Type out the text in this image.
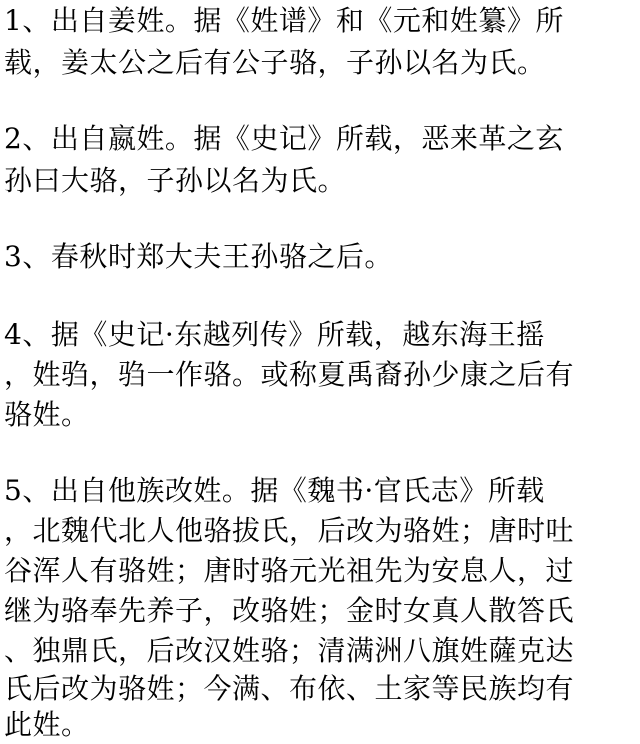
1、出自姜姓。据《姓谱》和《元和姓纂》所
载，姜太公之后有公子骆，子孙以名为氏。
2、出自嬴姓。据《史记》所载，恶来革之玄
孙曰大骆，子孙以名为氏。
3、春秋时郑大夫王孙骆之后。
4、据《史记·东越列传》所载，越东海王摇
，姓驺，驺一作骆。或称夏禹裔孙少康之后有
骆姓。
5、出自他族改姓。据《魏书·官氏志》所载
，北魏代北人他骆拔氏，后改为骆姓；唐时吐
谷浑人有骆姓；唐时骆元光祖先为安息人，过
继为骆奉先养子，改骆姓；金时女真人散答氏
、独鼎氏，后改汉姓骆；清满洲八旗姓薩克达
氏后改为骆姓；今满、布依、土家等民族均有
此姓。
